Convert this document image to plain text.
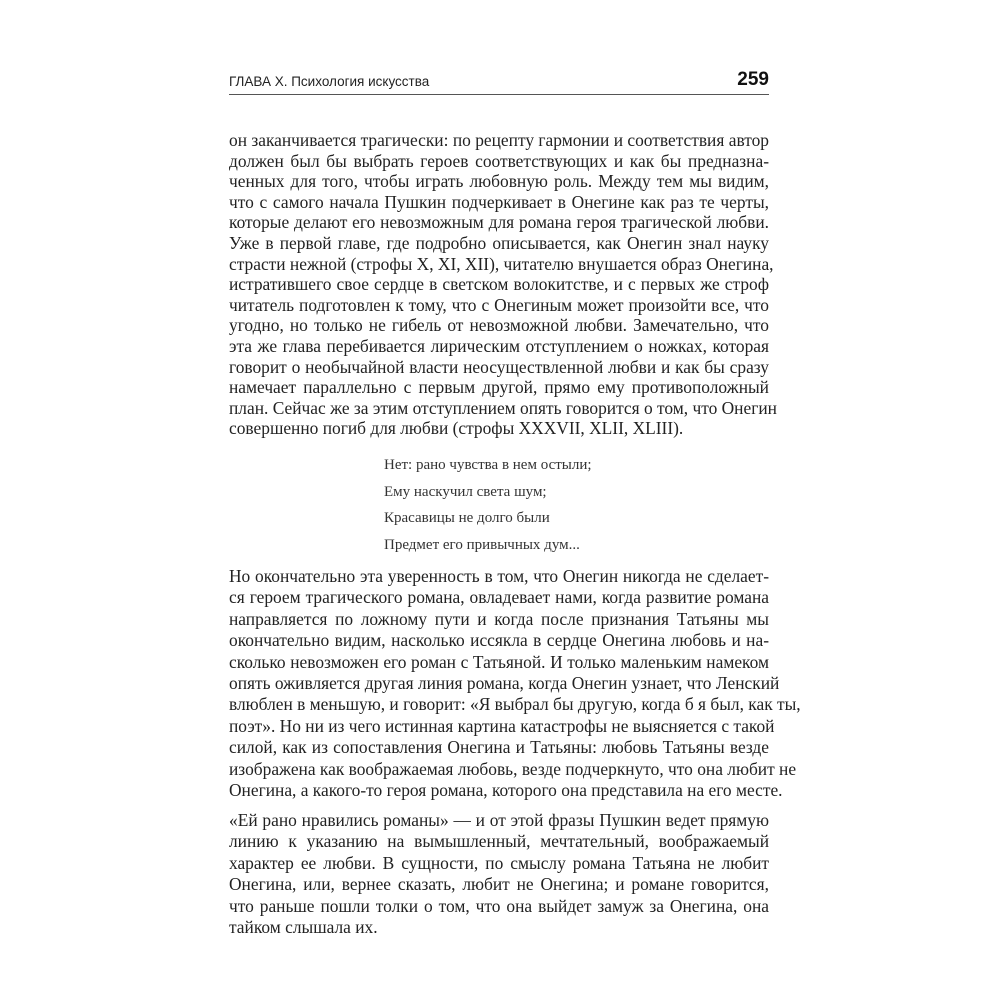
ГЛАВА X. Психология искусства	259
он заканчивается трагически: по рецепту гармонии и соответствия автор
должен был бы выбрать героев соответствующих и как бы предназна-
ченных для того, чтобы играть любовную роль. Между тем мы видим,
что с самого начала Пушкин подчеркивает в Онегине как раз те черты,
которые делают его невозможным для романа героя трагической любви.
Уже в первой главе, где подробно описывается, как Онегин знал науку
страсти нежной (строфы X, XI, XII), читателю внушается образ Онегина,
истратившего свое сердце в светском волокитстве, и с первых же строф
читатель подготовлен к тому, что с Онегиным может произойти все, что
угодно, но только не гибель от невозможной любви. Замечательно, что
эта же глава перебивается лирическим отступлением о ножках, которая
говорит о необычайной власти неосуществленной любви и как бы сразу
намечает параллельно с первым другой, прямо ему противоположный
план. Сейчас же за этим отступлением опять говорится о том, что Онегин
совершенно погиб для любви (строфы XXXVII, XLII, XLIII).
Нет: рано чувства в нем остыли;
Ему наскучил света шум;
Красавицы не долго были
Предмет его привычных дум...
Но окончательно эта уверенность в том, что Онегин никогда не сделает-
ся героем трагического романа, овладевает нами, когда развитие романа
направляется по ложному пути и когда после признания Татьяны мы
окончательно видим, насколько иссякла в сердце Онегина любовь и на-
сколько невозможен его роман с Татьяной. И только маленьким намеком
опять оживляется другая линия романа, когда Онегин узнает, что Ленский
влюблен в меньшую, и говорит: «Я выбрал бы другую, когда б я был, как ты,
поэт». Но ни из чего истинная картина катастрофы не выясняется с такой
силой, как из сопоставления Онегина и Татьяны: любовь Татьяны везде
изображена как воображаемая любовь, везде подчеркнуто, что она любит не
Онегина, а какого-то героя романа, которого она представила на его месте.
«Ей рано нравились романы» — и от этой фразы Пушкин ведет прямую
линию к указанию на вымышленный, мечтательный, воображаемый
характер ее любви. В сущности, по смыслу романа Татьяна не любит
Онегина, или, вернее сказать, любит не Онегина; и романе говорится,
что раньше пошли толки о том, что она выйдет замуж за Онегина, она
тайком слышала их.
